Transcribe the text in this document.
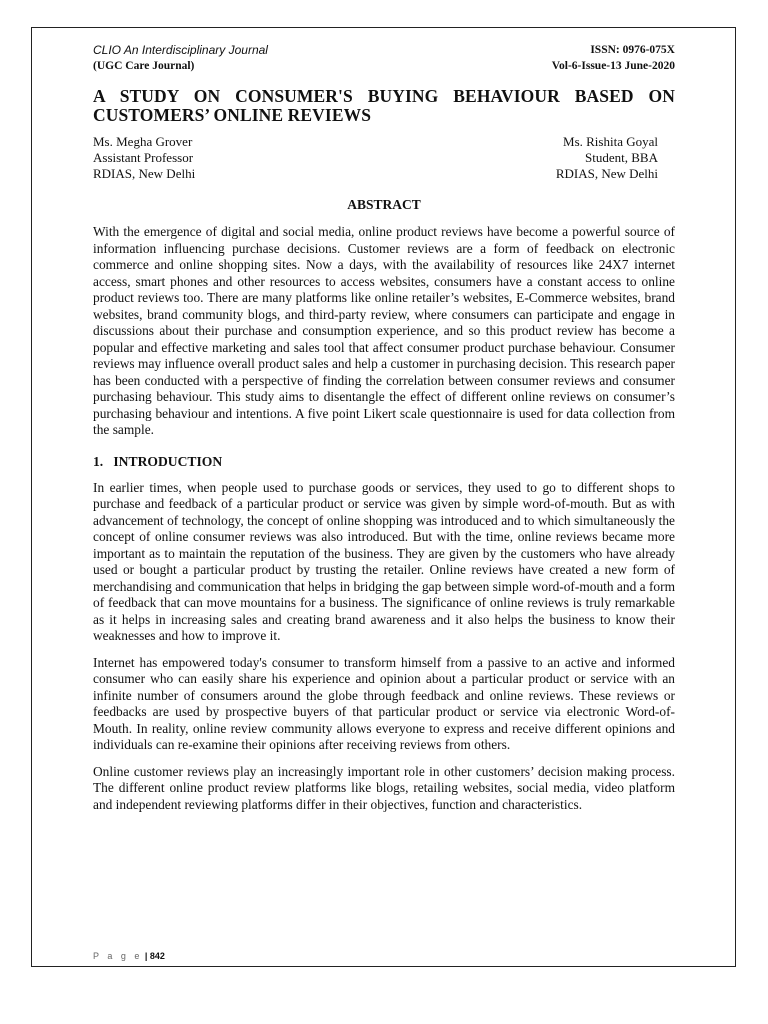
CLIO An Interdisciplinary Journal
(UGC Care Journal)
ISSN: 0976-075X
Vol-6-Issue-13 June-2020
A STUDY ON CONSUMER'S BUYING BEHAVIOUR BASED ON CUSTOMERS’ ONLINE REVIEWS
Ms. Megha Grover
Assistant Professor
RDIAS, New Delhi
Ms. Rishita Goyal
Student, BBA
RDIAS, New Delhi
ABSTRACT

With the emergence of digital and social media, online product reviews have become a powerful source of information influencing purchase decisions. Customer reviews are a form of feedback on electronic commerce and online shopping sites. Now a days, with the availability of resources like 24X7 internet access, smart phones and other resources to access websites, consumers have a constant access to online product reviews too. There are many platforms like online retailer’s websites, E-Commerce websites, brand websites, brand community blogs, and third-party review, where consumers can participate and engage in discussions about their purchase and consumption experience, and so this product review has become a popular and effective marketing and sales tool that affect consumer product purchase behaviour. Consumer reviews may influence overall product sales and help a customer in purchasing decision. This research paper has been conducted with a perspective of finding the correlation between consumer reviews and consumer purchasing behaviour. This study aims to disentangle the effect of different online reviews on consumer’s purchasing behaviour and intentions. A five point Likert scale questionnaire is used for data collection from the sample.

1.   INTRODUCTION

In earlier times, when people used to purchase goods or services, they used to go to different shops to purchase and feedback of a particular product or service was given by simple word-of-mouth. But as with advancement of technology, the concept of online shopping was introduced and to which simultaneously the concept of online consumer reviews was also introduced. But with the time, online reviews became more important as to maintain the reputation of the business. They are given by the customers who have already used or bought a particular product by trusting the retailer. Online reviews have created a new form of merchandising and communication that helps in bridging the gap between simple word-of-mouth and a form of feedback that can move mountains for a business. The significance of online reviews is truly remarkable as it helps in increasing sales and creating brand awareness and it also helps the business to know their weaknesses and how to improve it.

Internet has empowered today's consumer to transform himself from a passive to an active and informed consumer who can easily share his experience and opinion about a particular product or service with an infinite number of consumers around the globe through feedback and online reviews. These reviews or feedbacks are used by prospective buyers of that particular product or service via electronic Word-of-Mouth. In reality, online review community allows everyone to express and receive different opinions and individuals can re-examine their opinions after receiving reviews from others.

Online customer reviews play an increasingly important role in other customers’ decision making process. The different online product review platforms like blogs, retailing websites, social media, video platform and independent reviewing platforms differ in their objectives, function and characteristics.

P a g e | 842
